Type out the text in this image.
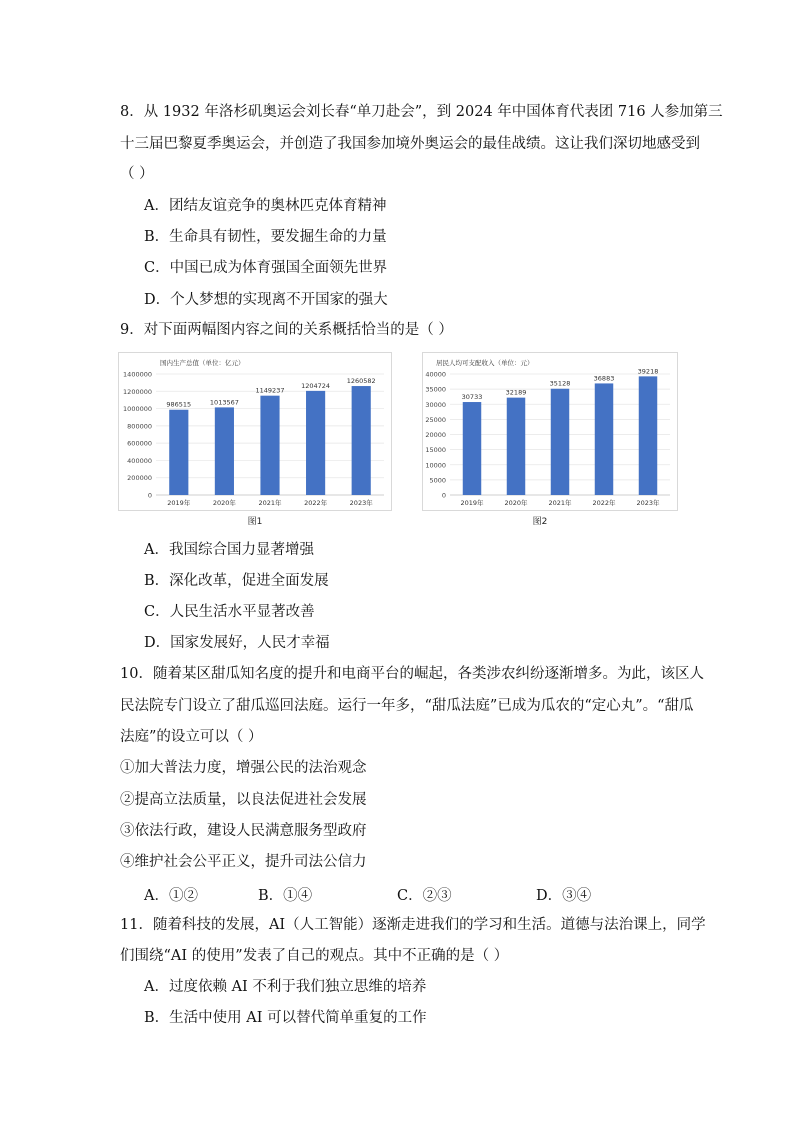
8．从 1932 年洛杉矶奥运会刘长春“单刀赴会”，到 2024 年中国体育代表团 716 人参加第三
十三届巴黎夏季奥运会，并创造了我国参加境外奥运会的最佳战绩。这让我们深切地感受到
（ ）
A．团结友谊竞争的奥林匹克体育精神
B．生命具有韧性，要发掘生命的力量
C．中国已成为体育强国全面领先世界
D．个人梦想的实现离不开国家的强大
9．对下面两幅图内容之间的关系概括恰当的是（ ）
国内生产总值（单位：亿元）
图1
0
200000
400000
600000
800000
1000000
1200000
1400000
986515
2019年
1013567
2020年
1149237
2021年
1204724
2022年
1260582
2023年
居民人均可支配收入（单位：元）
图2
0
5000
10000
15000
20000
25000
30000
35000
40000
30733
2019年
32189
2020年
35128
2021年
36883
2022年
39218
2023年
A．我国综合国力显著增强
B．深化改革，促进全面发展
C．人民生活水平显著改善
D．国家发展好，人民才幸福
10．随着某区甜瓜知名度的提升和电商平台的崛起，各类涉农纠纷逐渐增多。为此，该区人
民法院专门设立了甜瓜巡回法庭。运行一年多，“甜瓜法庭”已成为瓜农的“定心丸”。“甜瓜
法庭”的设立可以（ ）
①加大普法力度，增强公民的法治观念
②提高立法质量，以良法促进社会发展
③依法行政，建设人民满意服务型政府
④维护社会公平正义，提升司法公信力
A．①②	B．①④	C．②③	D．③④
11．随着科技的发展，AI（人工智能）逐渐走进我们的学习和生活。道德与法治课上，同学
们围绕“AI 的使用”发表了自己的观点。其中不正确的是（ ）
A．过度依赖 AI 不利于我们独立思维的培养
B．生活中使用 AI 可以替代简单重复的工作
